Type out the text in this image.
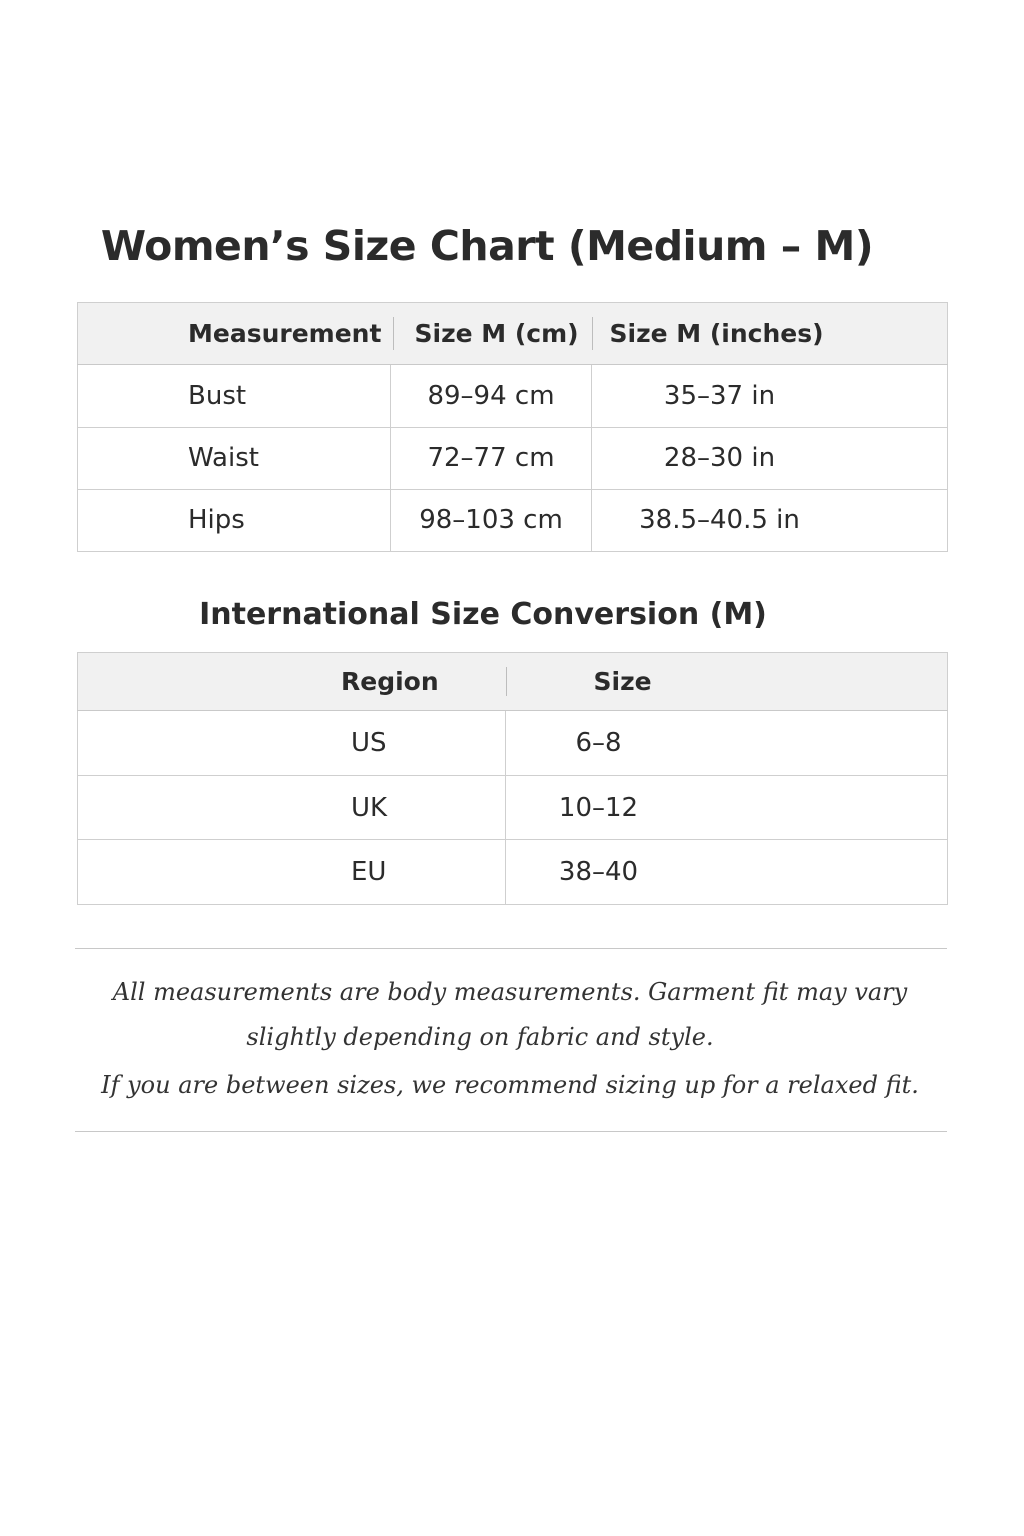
Women’s Size Chart (Medium – M)
Measurement	Size M (cm)	Size M (inches)
Bust	89–94 cm	35–37 in
Waist	72–77 cm	28–30 in
Hips	98–103 cm	38.5–40.5 in
International Size Conversion (M)
Region	Size
US	6–8
UK	10–12
EU	38–40

All measurements are body measurements. Garment fit may vary

slightly depending on fabric and style.

If you are between sizes, we recommend sizing up for a relaxed fit.
